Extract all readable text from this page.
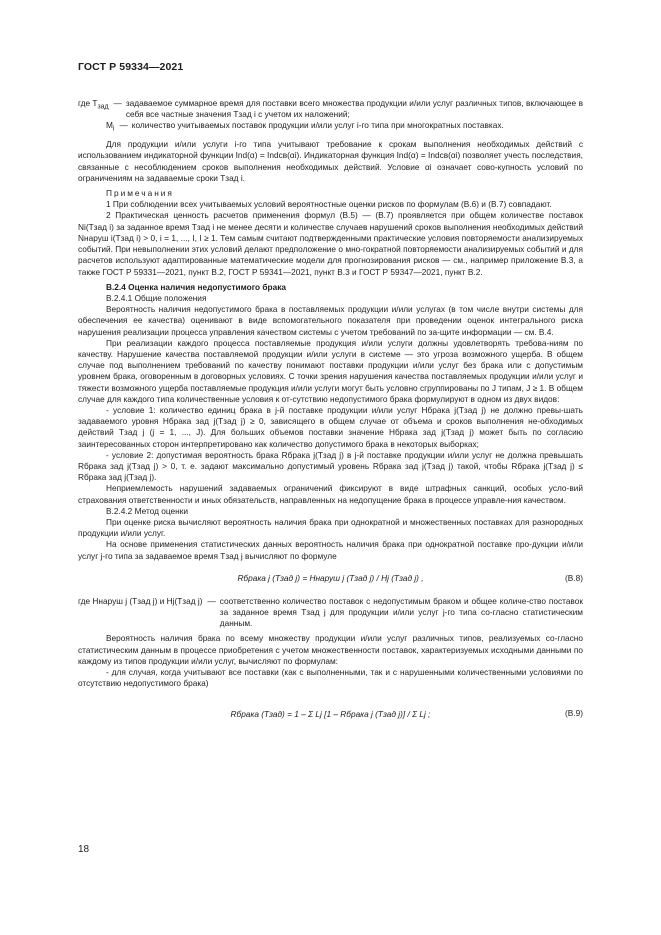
ГОСТ Р 59334—2021
где $T_{зад}$ — задаваемое суммарное время для поставки всего множества продукции и/или услуг различных типов, включающее в себя все частные значения Tзад i с учетом их наложений;
$M_i$ — количество учитываемых поставок продукции и/или услуг i-го типа при многократных поставках.

Для продукции и/или услуги i-го типа учитывают требование к срокам выполнения необходимых действий с использованием индикаторной функции Ind(α) = Indсв(αi). Индикаторная функция Ind(α) = Indсв(αi) позволяет учесть последствия, связанные с несоблюдением сроков выполнения необходимых действий. Условие αi означает сово-купность условий по ограничениям на задаваемые сроки Tзад i.

Примечания

1 При соблюдении всех учитываемых условий вероятностные оценки рисков по формулам (В.6) и (В.7) совпадают.

2 Практическая ценность расчетов применения формул (В.5) — (В.7) проявляется при общем количестве поставок Ni(Tзад i) за заданное время Tзад i не менее десяти и количестве случаев нарушений сроков выполнения необходимых действий Nнаруш i(Tзад i) > 0, i = 1, ..., I, I ≥ 1. Тем самым считают подтвержденными практические условия повторяемости анализируемых событий. При невыполнении этих условий делают предположение о мно-гократной повторяемости анализируемых событий и для расчетов используют адаптированные математические модели для прогнозирования рисков — см., например приложение В.3, а также ГОСТ Р 59331—2021, пункт В.2, ГОСТ Р 59341—2021, пункт В.3 и ГОСТ Р 59347—2021, пункт В.2.

В.2.4 Оценка наличия недопустимого брака

В.2.4.1 Общие положения

Вероятность наличия недопустимого брака в поставляемых продукции и/или услугах (в том числе внутри системы для обеспечения ее качества) оценивают в виде вспомогательного показателя при проведении оценок интегрального риска нарушения реализации процесса управления качеством системы с учетом требований по за-щите информации — см. В.4.

При реализации каждого процесса поставляемые продукция и/или услуги должны удовлетворять требова-ниям по качеству. Нарушение качества поставляемой продукции и/или услуги в системе — это угроза возможного ущерба. В общем случае под выполнением требований по качеству понимают поставки продукции и/или услуг без брака или с допустимым уровнем брака, оговоренным в договорных условиях. С точки зрения нарушения качества поставляемых продукции и/или услуг и тяжести возможного ущерба поставляемые продукция и/или услуги могут быть условно сгруппированы по J типам, J ≥ 1. В общем случае для каждого типа количественные условия к от-сутствию недопустимого брака формулируют в одном из двух видов:

- условие 1: количество единиц брака в j-й поставке продукции и/или услуг Hбрака j(Tзад j) не должно превы-шать задаваемого уровня Hбрака зад j(Tзад j) ≥ 0, зависящего в общем случае от объема и сроков выполнения не-обходимых действий Tзад j (j = 1, ..., J). Для больших объемов поставки значение Hбрака зад j(Tзад j) может быть по согласию заинтересованных сторон интерпретировано как количество допустимого брака в некоторых выборках;

- условие 2: допустимая вероятность брака Rбрака j(Tзад j) в j-й поставке продукции и/или услуг не должна превышать Rбрака зад j(Tзад j) > 0, т. е. задают максимально допустимый уровень Rбрака зад j(Tзад j) такой, чтобы Rбрака j(Tзад j) ≤ Rбрака зад j(Tзад j).

Неприемлемость нарушений задаваемых ограничений фиксируют в виде штрафных санкций, особых усло-вий страхования ответственности и иных обязательств, направленных на недопущение брака в процессе управле-ния качеством.

В.2.4.2 Метод оценки

При оценке риска вычисляют вероятность наличия брака при однократной и множественных поставках для разнородных продукции и/или услуг.

На основе применения статистических данных вероятность наличия брака при однократной поставке про-дукции и/или услуг j-го типа за задаваемое время Tзад j вычисляют по формуле

Rбрака j (Tзад j) = Hнаруш j (Tзад j) / Hj (Tзад j) ,	(В.8)
где Hнаруш j (Tзад j) и Hj(Tзад j) — соответственно количество поставок с недопустимым браком и общее количе-ство поставок за заданное время Tзад j для продукции и/или услуг j-го типа со-гласно статистическим данным.

Вероятность наличия брака по всему множеству продукции и/или услуг различных типов, реализуемых со-гласно статистическим данным в процессе приобретения с учетом множественности поставок, характеризуемых исходными данными по каждому из типов продукции и/или услуг, вычисляют по формулам:

- для случая, когда учитывают все поставки (как с выполненными, так и с нарушенными количественными условиями по отсутствию недопустимого брака)

Rбрака (Tзад) = 1 – Σ Lj [1 – Rбрака j (Tзад j)] / Σ Lj ;	(В.9)
18
